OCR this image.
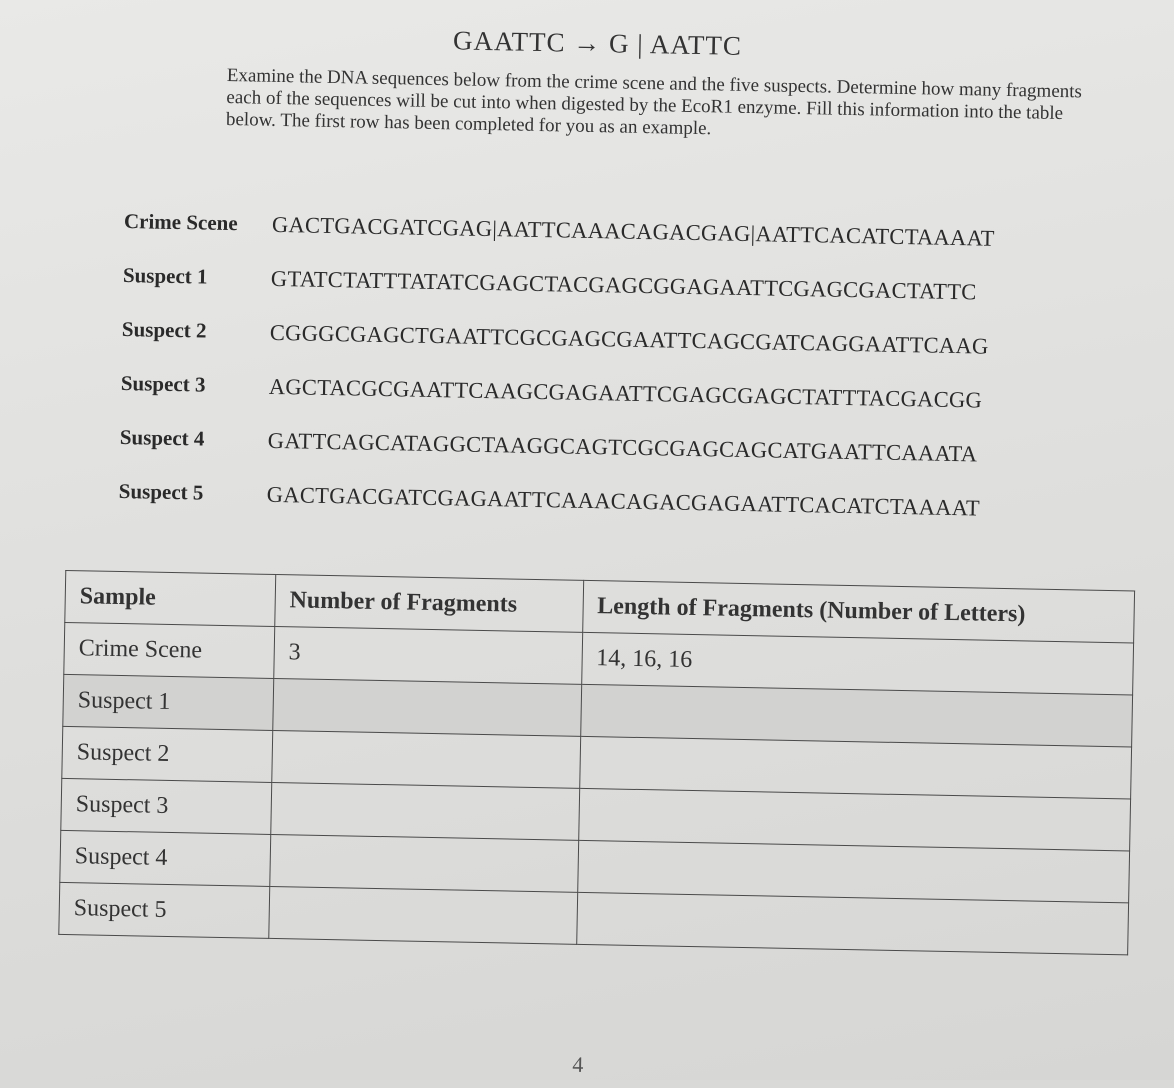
GAATTC → G | AATTC
Examine the DNA sequences below from the crime scene and the five suspects. Determine how many fragments each of the sequences will be cut into when digested by the EcoR1 enzyme. Fill this information into the table below. The first row has been completed for you as an example.
Crime Scene GACTGACGATCGAG|AATTCAAACAGACGAG|AATTCACATCTAAAAT
Suspect 1	GTATCTATTTATATCGAGCTACGAGCGGAGAATTCGAGCGACTATTC
Suspect 2	CGGGCGAGCTGAATTCGCGAGCGAATTCAGCGATCAGGAATTCAAG
Suspect 3	AGCTACGCGAATTCAAGCGAGAATTCGAGCGAGCTATTTACGACGG
Suspect 4	GATTCAGCATAGGCTAAGGCAGTCGCGAGCAGCATGAATTCAAATA
Suspect 5	GACTGACGATCGAGAATTCAAACAGACGAGAATTCACATCTAAAAT
Sample	Number of Fragments	Length of Fragments (Number of Letters)
Crime Scene	3	14, 16, 16
Suspect 1		
Suspect 2		
Suspect 3		
Suspect 4		
Suspect 5		
4
